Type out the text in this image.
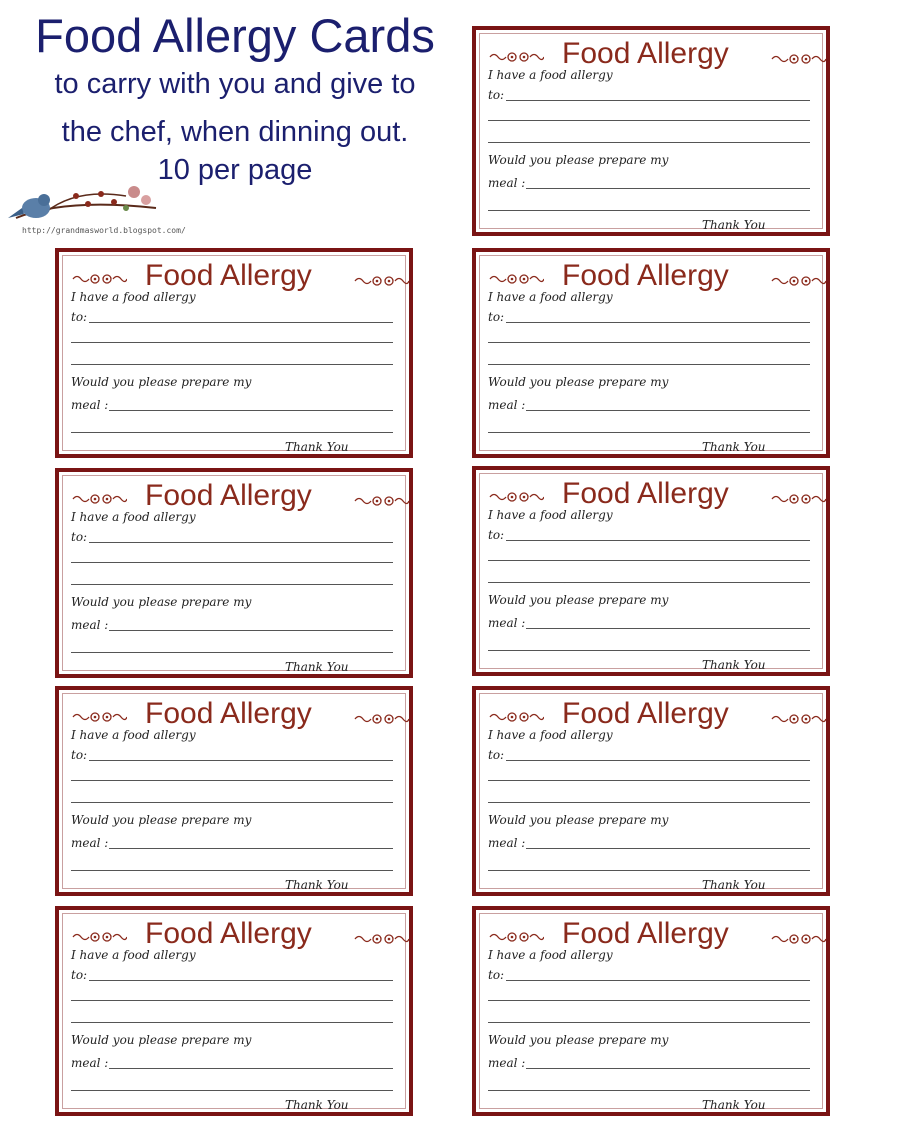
Food Allergy Cards
to carry with you and give to
the chef, when dinning out.
10 per page
http://grandmasworld.blogspot.com/
Food Allergy
I have a food allergy
to:
Would you please prepare my
meal :
Thank You
Food Allergy
I have a food allergy
to:
Would you please prepare my
meal :
Thank You
Food Allergy
I have a food allergy
to:
Would you please prepare my
meal :
Thank You
Food Allergy
I have a food allergy
to:
Would you please prepare my
meal :
Thank You
Food Allergy
I have a food allergy
to:
Would you please prepare my
meal :
Thank You
Food Allergy
I have a food allergy
to:
Would you please prepare my
meal :
Thank You
Food Allergy
I have a food allergy
to:
Would you please prepare my
meal :
Thank You
Food Allergy
I have a food allergy
to:
Would you please prepare my
meal :
Thank You
Food Allergy
I have a food allergy
to:
Would you please prepare my
meal :
Thank You
